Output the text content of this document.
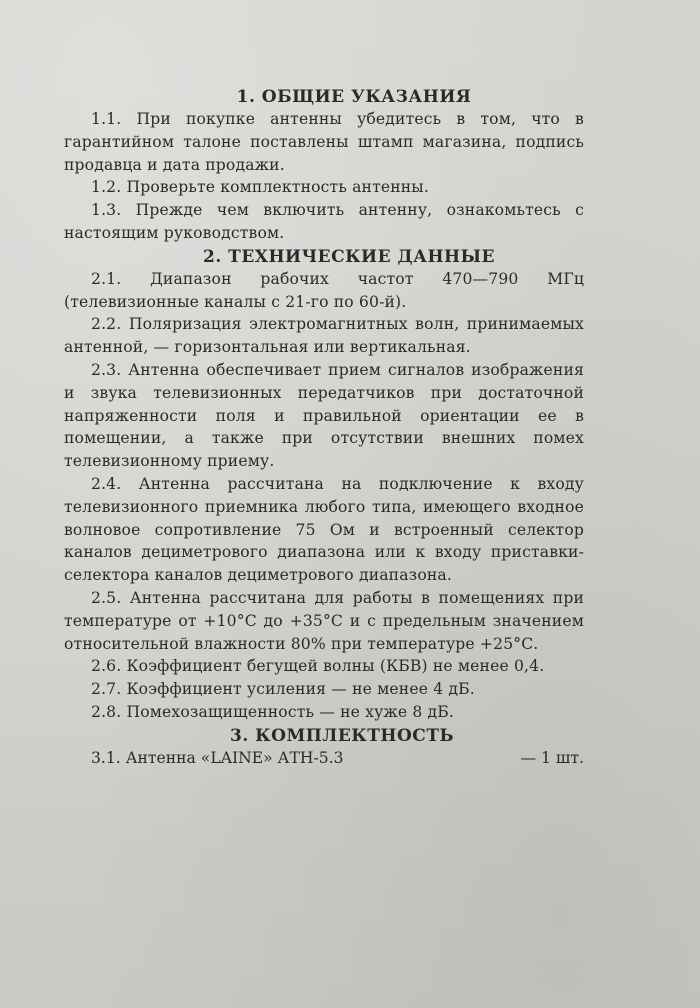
1. ОБЩИЕ УКАЗАНИЯ

1.1. При покупке антенны убедитесь в том, что в гарантийном талоне поставлены штамп магазина, подпись продавца и дата продажи.

1.2. Проверьте комплектность антенны.

1.3. Прежде чем включить антенну, ознакомьтесь с настоящим руководством.

2. ТЕХНИЧЕСКИЕ ДАННЫЕ

2.1. Диапазон рабочих частот 470—790 МГц (телевизионные каналы с 21-го по 60-й).

2.2. Поляризация электромагнитных волн, принимаемых антенной, — горизонтальная или вертикальная.

2.3. Антенна обеспечивает прием сигналов изображения и звука телевизионных передатчиков при достаточной напряженности поля и правильной ориентации ее в помещении, а также при отсутствии внешних помех телевизионному приему.

2.4. Антенна рассчитана на подключение к входу телевизионного приемника любого типа, имеющего входное волновое сопротивление 75 Ом и встроенный селектор каналов дециметрового диапазона или к входу приставки-селектора каналов дециметрового диапазона.

2.5. Антенна рассчитана для работы в помещениях при температуре от +10°С до +35°С и с предельным значением относительной влажности 80% при температуре +25°С.

2.6. Коэффициент бегущей волны (КБВ) не менее 0,4.

2.7. Коэффициент усиления — не менее 4 дБ.

2.8. Помехозащищенность — не хуже 8 дБ.

3. КОМПЛЕКТНОСТЬ
3.1. Антенна «LAINE» АТН-5.3	— 1 шт.
